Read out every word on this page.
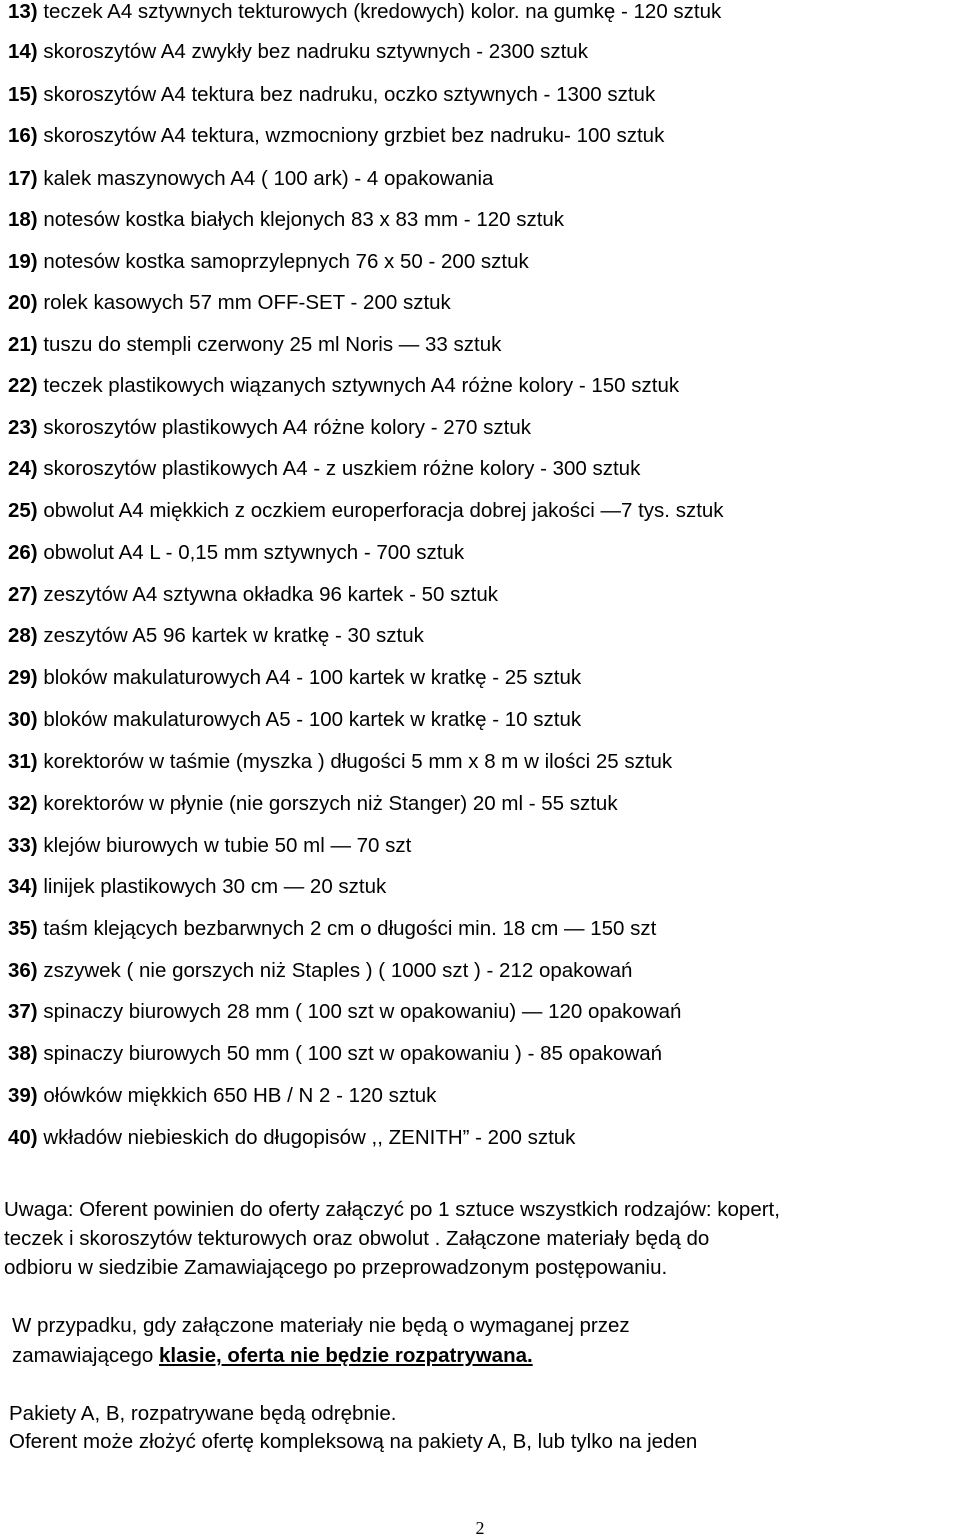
13) teczek A4 sztywnych tekturowych (kredowych) kolor. na gumkę - 120 sztuk
14) skoroszytów A4 zwykły bez nadruku sztywnych - 2300 sztuk
15) skoroszytów A4 tektura bez nadruku, oczko sztywnych - 1300 sztuk
16) skoroszytów A4 tektura, wzmocniony grzbiet bez nadruku- 100 sztuk
17) kalek maszynowych A4 ( 100 ark) - 4 opakowania
18) notesów kostka białych klejonych 83 x 83 mm - 120 sztuk
19) notesów kostka samoprzylepnych 76 x 50 - 200 sztuk
20) rolek kasowych 57 mm OFF-SET - 200 sztuk
21) tuszu do stempli czerwony 25 ml Noris — 33 sztuk
22) teczek plastikowych wiązanych sztywnych A4 różne kolory - 150 sztuk
23) skoroszytów plastikowych A4 różne kolory - 270 sztuk
24) skoroszytów plastikowych A4 - z uszkiem różne kolory - 300 sztuk
25) obwolut A4 miękkich z oczkiem europerforacja dobrej jakości —7 tys. sztuk
26) obwolut A4 L - 0,15 mm sztywnych - 700 sztuk
27) zeszytów A4 sztywna okładka 96 kartek - 50 sztuk
28) zeszytów A5 96 kartek w kratkę - 30 sztuk
29) bloków makulaturowych A4 - 100 kartek w kratkę - 25 sztuk
30) bloków makulaturowych A5 - 100 kartek w kratkę - 10 sztuk
31) korektorów w taśmie (myszka ) długości 5 mm x 8 m w ilości 25 sztuk
32) korektorów w płynie (nie gorszych niż Stanger) 20 ml - 55 sztuk
33) klejów biurowych w tubie 50 ml — 70 szt
34) linijek plastikowych 30 cm — 20 sztuk
35) taśm klejących bezbarwnych 2 cm o długości min. 18 cm — 150 szt
36) zszywek ( nie gorszych niż Staples ) ( 1000 szt ) - 212 opakowań
37) spinaczy biurowych 28 mm ( 100 szt w opakowaniu) — 120 opakowań
38) spinaczy biurowych 50 mm ( 100 szt w opakowaniu ) - 85 opakowań
39) ołówków miękkich 650 HB / N 2 - 120 sztuk
40) wkładów niebieskich do długopisów ,, ZENITH” - 200 sztuk
Uwaga: Oferent powinien do oferty załączyć po 1 sztuce wszystkich rodzajów: kopert,
teczek i skoroszytów tekturowych oraz obwolut . Załączone materiały będą do
odbioru w siedzibie Zamawiającego po przeprowadzonym postępowaniu.
W przypadku, gdy załączone materiały nie będą o wymaganej przez
zamawiającego klasie, oferta nie będzie rozpatrywana.
Pakiety A, B, rozpatrywane będą odrębnie.
Oferent może złożyć ofertę kompleksową na pakiety A, B, lub tylko na jeden
2
